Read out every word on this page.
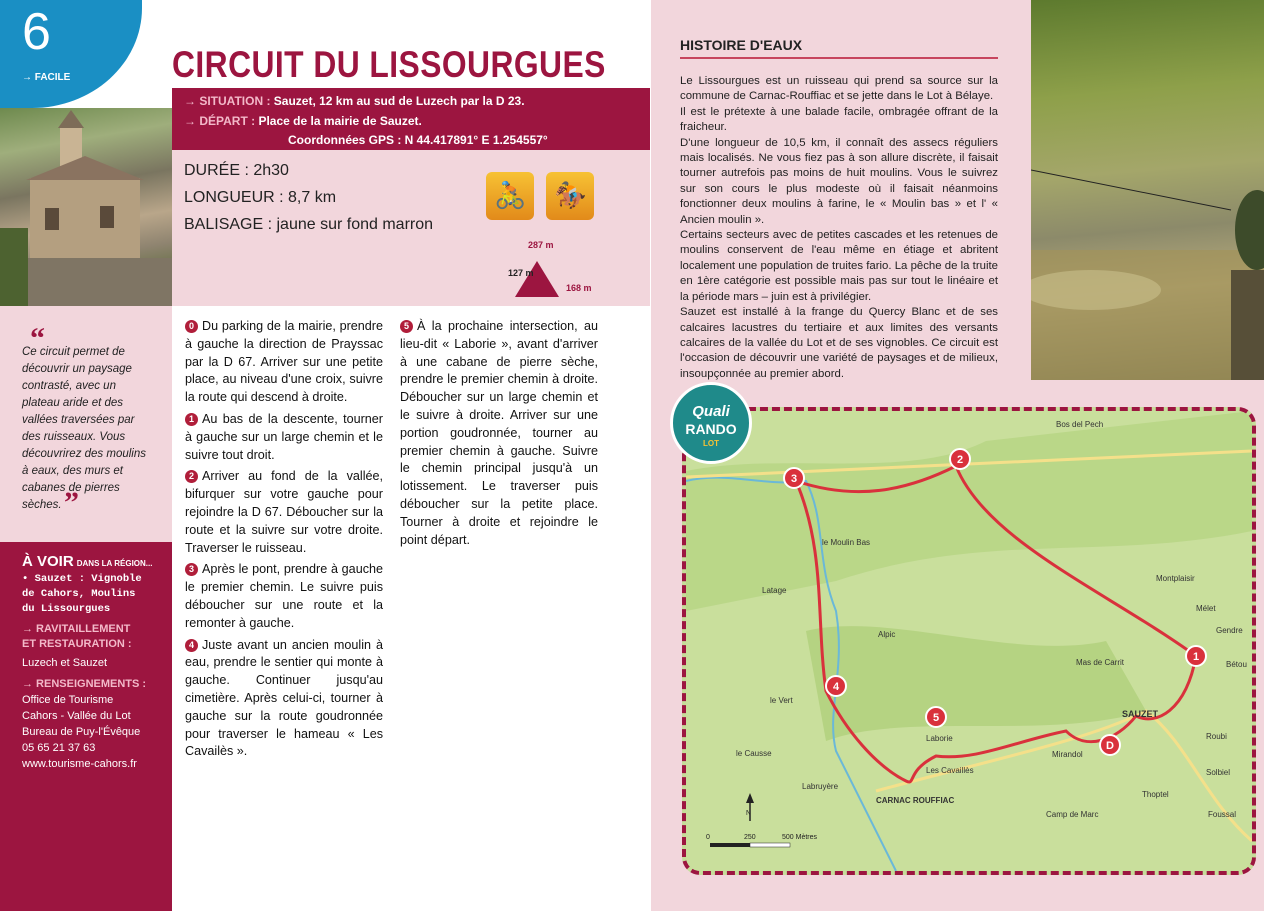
6
→ FACILE	CIRCUIT DU LISSOURGUES
→ SITUATION : Sauzet, 12 km au sud de Luzech par la D 23.
→ DÉPART : Place de la mairie de Sauzet.
Coordonnées GPS : N 44.417891° E 1.254557°
DURÉE : 2h30
LONGUEUR : 8,7 km
BALISAGE : jaune sur fond marron
🚴 🏇
287 m
127 m
168 m
“
Ce circuit permet de découvrir un paysage contrasté, avec un plateau aride et des vallées traversées par des ruisseaux. Vous découvrirez des moulins à eaux, des murs et cabanes de pierres sèches. ”
À VOIR DANS LA RÉGION...
• Sauzet : Vignoble de Cahors, Moulins du Lissourgues
→ RAVITAILLEMENT ET RESTAURATION :
Luzech et Sauzet
→ RENSEIGNEMENTS :
Office de Tourisme
Cahors - Vallée du Lot
Bureau de Puy-l'Évêque
05 65 21 37 63
www.tourisme-cahors.fr

0 Du parking de la mairie, prendre à gauche la direction de Prayssac par la D 67. Arriver sur une petite place, au niveau d'une croix, suivre la route qui descend à droite.

1 Au bas de la descente, tourner à gauche sur un large chemin et le suivre tout droit.

2 Arriver au fond de la vallée, bifurquer sur votre gauche pour rejoindre la D 67. Déboucher sur la route et la suivre sur votre droite. Traverser le ruisseau.

3 Après le pont, prendre à gauche le premier chemin. Le suivre puis déboucher sur une route et la remonter à gauche.

4 Juste avant un ancien moulin à eau, prendre le sentier qui monte à gauche. Continuer jusqu'au cimetière. Après celui-ci, tourner à gauche sur la route goudronnée pour traverser le hameau « Les Cavailès ».

5 À la prochaine intersection, au lieu-dit « Laborie », avant d'arriver à une cabane de pierre sèche, prendre le premier chemin à droite. Déboucher sur un large chemin et le suivre à droite. Arriver sur une portion goudronnée, tourner au premier chemin à gauche. Suivre le chemin principal jusqu'à un lotissement. Le traverser puis déboucher sur la petite place. Tourner à droite et rejoindre le point départ.

HISTOIRE D'EAUX

Le Lissourgues est un ruisseau qui prend sa source sur la commune de Carnac-Rouffiac et se jette dans le Lot à Bélaye.

Il est le prétexte à une balade facile, ombragée offrant de la fraicheur.

D'une longueur de 10,5 km, il connaît des assecs réguliers mais localisés. Ne vous fiez pas à son allure discrète, il faisait tourner autrefois pas moins de huit moulins. Vous le suivrez sur son cours le plus modeste où il faisait néanmoins fonctionner deux moulins à farine, le « Moulin bas » et l' « Ancien moulin ».

Certains secteurs avec de petites cascades et les retenues de moulins conservent de l'eau même en étiage et abritent localement une population de truites fario. La pêche de la truite en 1ère catégorie est possible mais pas sur tout le linéaire et la période mars – juin est à privilégier.

Sauzet est installé à la frange du Quercy Blanc et de ses calcaires lacustres du tertiaire et aux limites des versants calcaires de la vallée du Lot et de ses vignobles. Ce circuit est l'occasion de découvrir une variété de paysages et de milieux, insoupçonnée au premier abord.

1
2
3
4
5
D
Bos del Pech
le Moulin Bas
Latage
Alpic
le Vert
le Causse
Laborie
Les Cavaillès
Labruyère
CARNAC ROUFFIAC
Mirandol
SAUZET
Mas de Carrit
Montplaisir
Mélet
Gendre
Bétou
Roubi
Solbiel
Thoptel
Camp de Marc	Foussal
N
0	250	500 Mètres
Quali
RANDO
LOT
